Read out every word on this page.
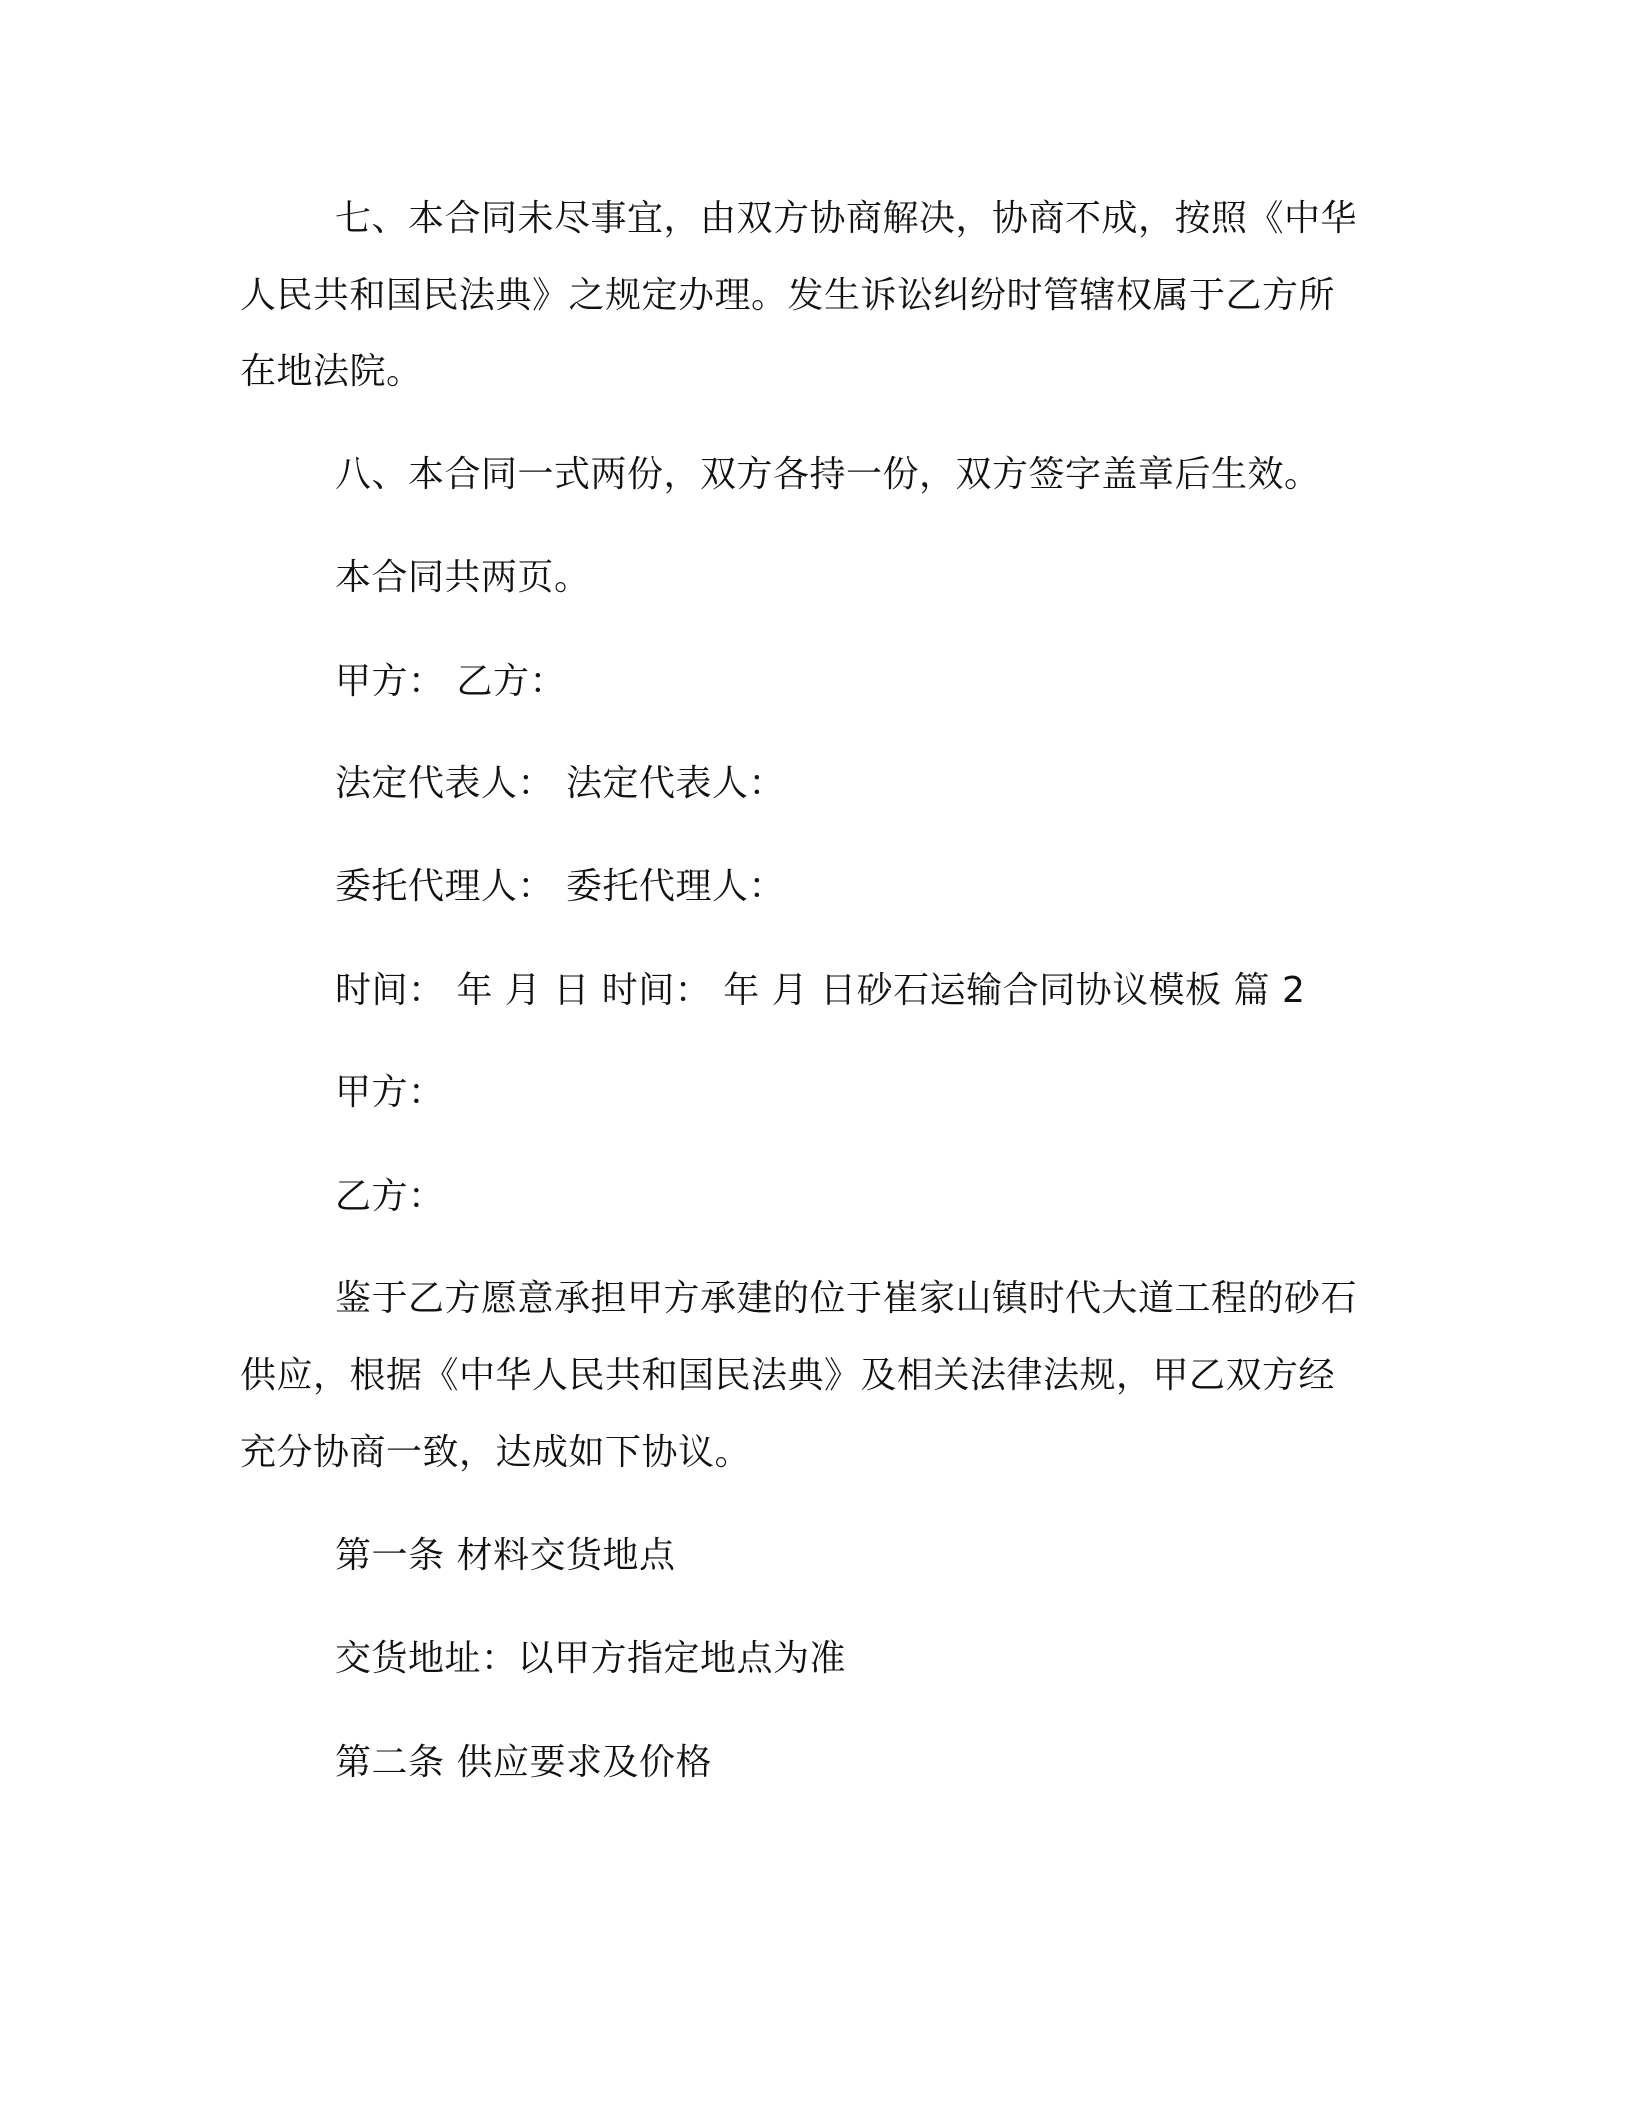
七、本合同未尽事宜，由双方协商解决，协商不成，按照《中华
人民共和国民法典》之规定办理。发生诉讼纠纷时管辖权属于乙方所
在地法院。
八、本合同一式两份，双方各持一份，双方签字盖章后生效。
本合同共两页。
甲方： 乙方：
法定代表人： 法定代表人：
委托代理人： 委托代理人：
时间： 年 月 日 时间： 年 月 日砂石运输合同协议模板 篇 2
甲方：
乙方：
鉴于乙方愿意承担甲方承建的位于崔家山镇时代大道工程的砂石
供应，根据《中华人民共和国民法典》及相关法律法规，甲乙双方经
充分协商一致，达成如下协议。
第一条 材料交货地点
交货地址：以甲方指定地点为准
第二条 供应要求及价格
